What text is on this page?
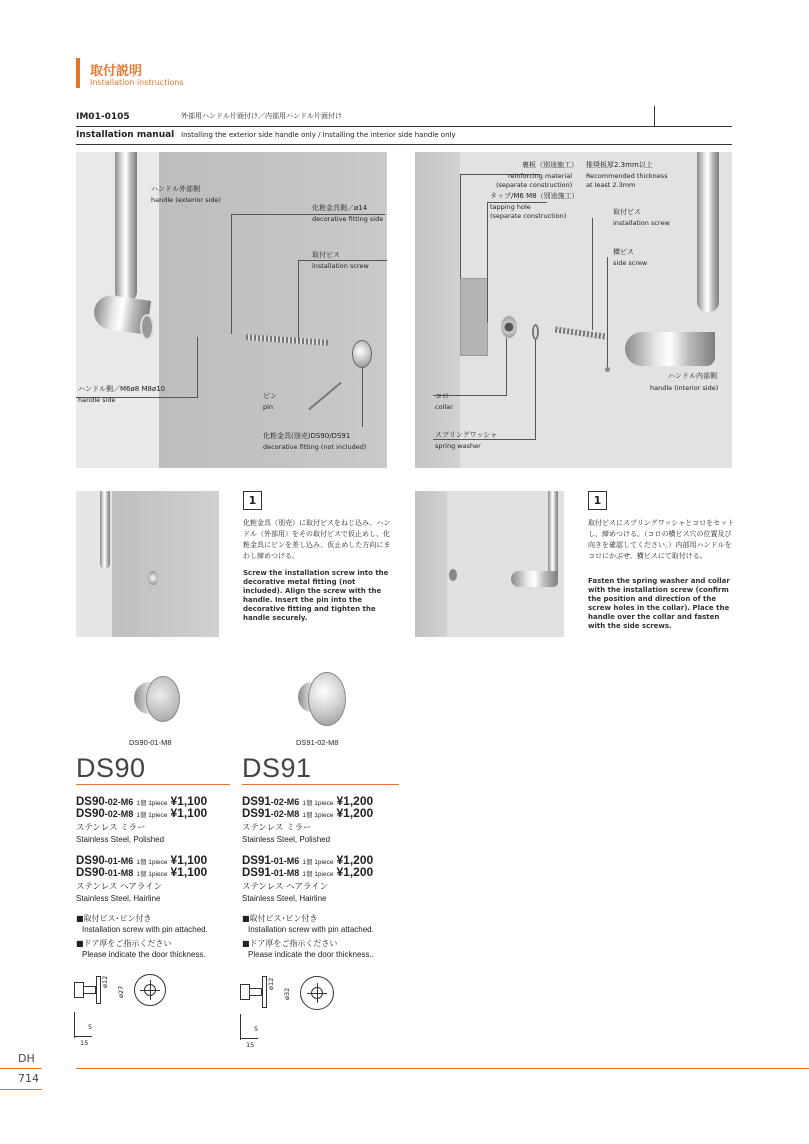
取付説明
Installation instructions
IM01-0105	外部用ハンドル片面付け／内部用ハンドル片面付け
Installation manual Installing the exterior side handle only / Installing the interior side handle only
ハンドル外部側
handle (exterior side)
化粧金具側／ø14
decorative fitting side
取付ビス
installation screw
ハンドル側／M6ø8 M8ø10
handle side	ピン
pin
化粧金具(別売)DS90/DS91
decorative fitting (not included)
裏板（別途施工）
reinforcing material
(separate construction)
推奨板厚2.3mm以上
Recommended thickness
at least 2.3mm
タップ/M6 M8（別途施工）
tapping hole
(separate construction)	取付ビス
installation screw
横ビス
side screw
ハンドル内部側
handle (interior side)
コロ
collar
スプリングワッシャ
spring washer
1
化粧金具（別売）に取付ビスをねじ込み、ハンドル（外部用）をその取付ビスで仮止めし、化粧金具にピンを差し込み、仮止めした方向にまわし締めつける。
Screw the installation screw into the decorative metal fitting (not included). Align the screw with the handle. Insert the pin into the decorative fitting and tighten the handle securely.
1
取付ビスにスプリングワッシャとコロをセットし、締めつける。（コロの横ビス穴の位置及び向きを確認してください。）内部用ハンドルをコロにかぶせ、横ビスにて取付ける。
Fasten the spring washer and collar with the installation screw (confirm the position and direction of the screw holes in the collar). Place the handle over the collar and fasten with the side screws.
DS90-01-M8
DS90
DS90-02-M6 1個 1piece ¥1,100
DS90-02-M8 1個 1piece ¥1,100
ステンレス ミラー
Stainless Steel, Polished
DS90-01-M6 1個 1piece ¥1,100
DS90-01-M8 1個 1piece ¥1,100
ステンレス ヘアライン
Stainless Steel, Hairline
■取付ビス･ピン付き
Installation screw with pin attached.
■ドア厚をご指示ください
Please indicate the door thickness.
ø12
ø27
5
15
DS91-02-M8
DS91
DS91-02-M6 1個 1piece ¥1,200
DS91-02-M8 1個 1piece ¥1,200
ステンレス ミラー
Stainless Steel, Polished
DS91-01-M6 1個 1piece ¥1,200
DS91-01-M8 1個 1piece ¥1,200
ステンレス ヘアライン
Stainless Steel, Hairline
■取付ビス･ピン付き
Installation screw with pin attached.
■ドア厚をご指示ください
Please indicate the door thickness..
ø12
ø32
5
15
DH
714
